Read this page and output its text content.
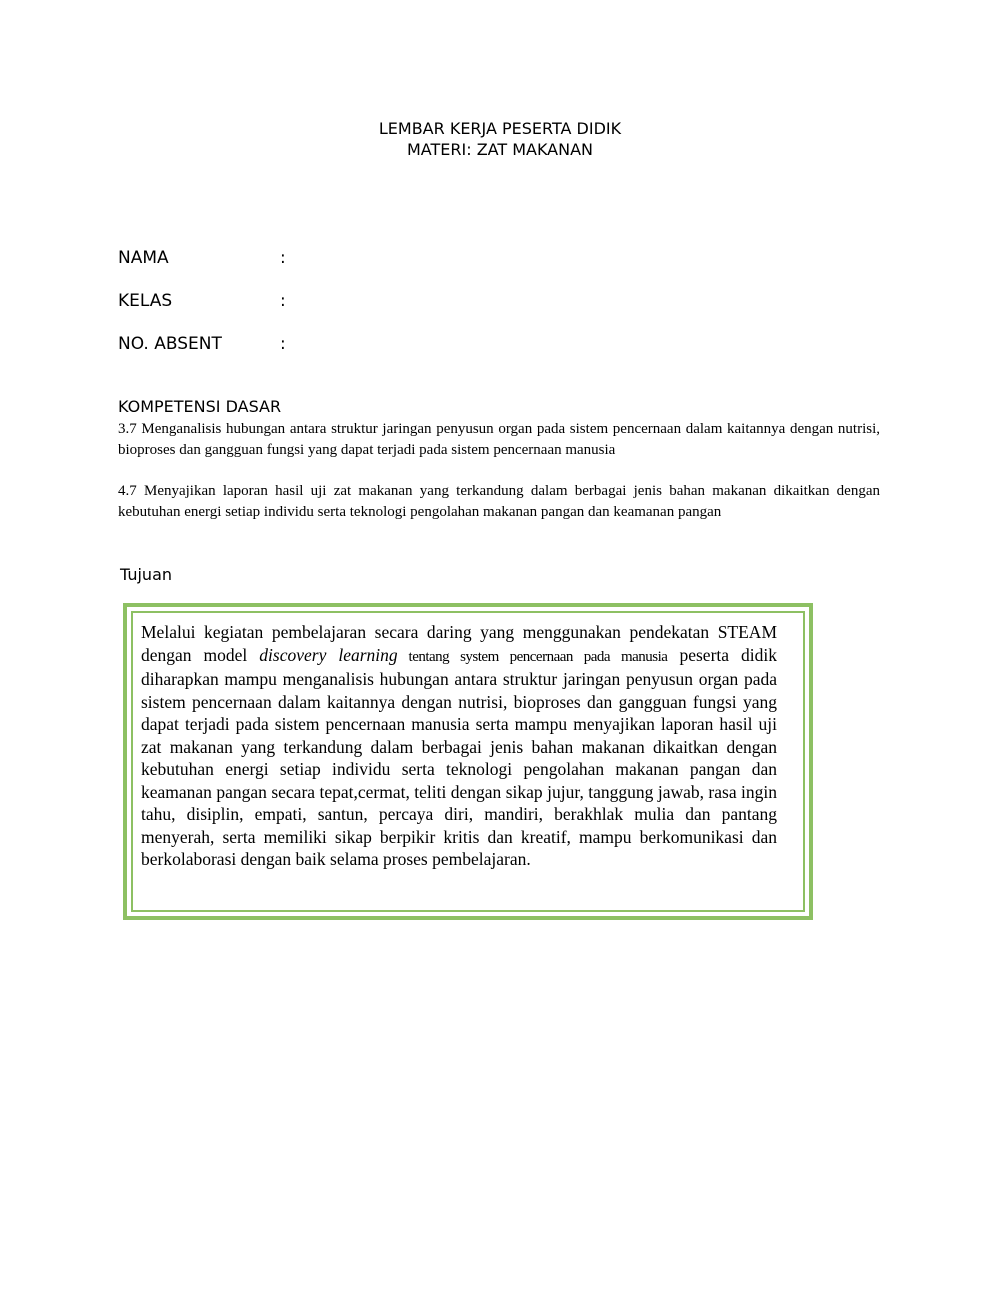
LEMBAR KERJA PESERTA DIDIK
MATERI: ZAT MAKANAN
NAMA	:
KELAS	:
NO. ABSENT	:
KOMPETENSI DASAR
3.7 Menganalisis hubungan antara struktur jaringan penyusun organ pada sistem pencernaan dalam kaitannya dengan nutrisi, bioproses dan gangguan fungsi yang dapat terjadi pada sistem pencernaan manusia
4.7 Menyajikan laporan hasil uji zat makanan yang terkandung dalam berbagai jenis bahan makanan dikaitkan dengan kebutuhan energi setiap individu serta teknologi pengolahan makanan pangan dan keamanan pangan
Tujuan
Melalui kegiatan pembelajaran secara daring yang menggunakan pendekatan STEAM dengan model discovery learning tentang system pencernaan pada manusia peserta didik diharapkan mampu menganalisis hubungan antara struktur jaringan penyusun organ pada sistem pencernaan dalam kaitannya dengan nutrisi, bioproses dan gangguan fungsi yang dapat terjadi pada sistem pencernaan manusia serta mampu menyajikan laporan hasil uji zat makanan yang terkandung dalam berbagai jenis bahan makanan dikaitkan dengan kebutuhan energi setiap individu serta teknologi pengolahan makanan pangan dan keamanan pangan secara tepat,cermat, teliti dengan sikap jujur, tanggung jawab, rasa ingin tahu, disiplin, empati, santun, percaya diri, mandiri, berakhlak mulia dan pantang menyerah, serta memiliki sikap berpikir kritis dan kreatif, mampu berkomunikasi dan berkolaborasi dengan baik selama proses pembelajaran.
